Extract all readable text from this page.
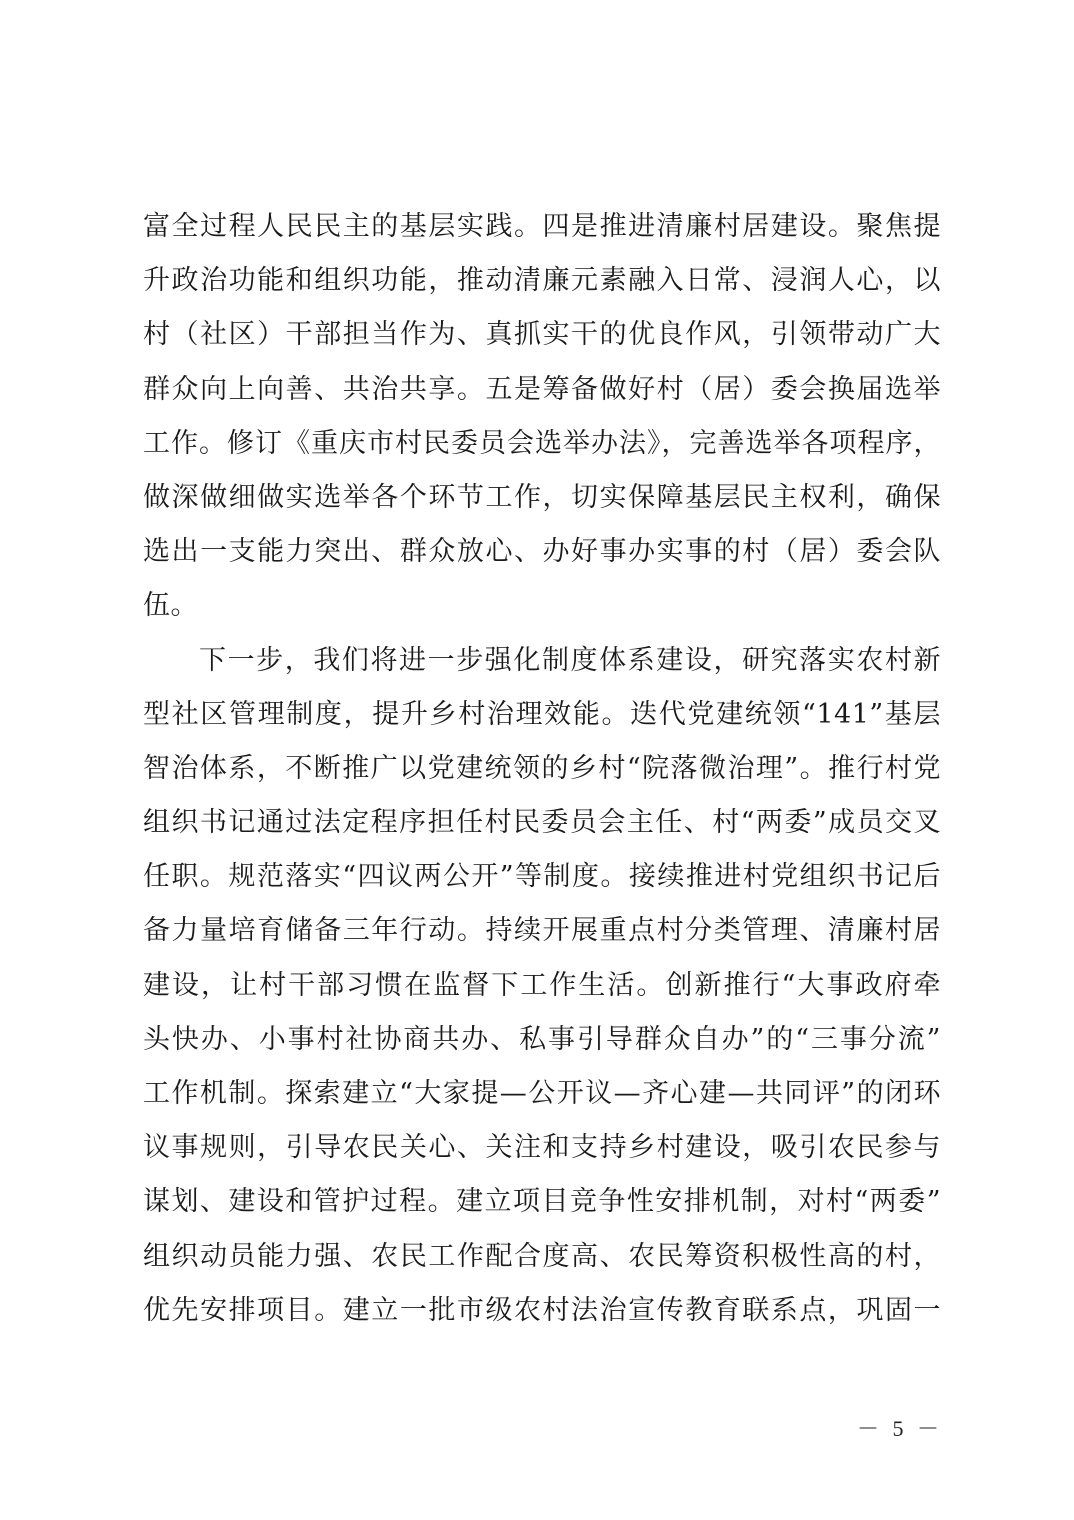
富全过程人民民主的基层实践。四是推进清廉村居建设。聚焦提
升政治功能和组织功能，推动清廉元素融入日常、浸润人心，以
村（社区）干部担当作为、真抓实干的优良作风，引领带动广大
群众向上向善、共治共享。五是筹备做好村（居）委会换届选举
工作。修订《重庆市村民委员会选举办法》，完善选举各项程序，
做深做细做实选举各个环节工作，切实保障基层民主权利，确保
选出一支能力突出、群众放心、办好事办实事的村（居）委会队
伍。
下一步，我们将进一步强化制度体系建设，研究落实农村新
型社区管理制度，提升乡村治理效能。迭代党建统领“141”基层
智治体系，不断推广以党建统领的乡村“院落微治理”。推行村党
组织书记通过法定程序担任村民委员会主任、村“两委”成员交叉
任职。规范落实“四议两公开”等制度。接续推进村党组织书记后
备力量培育储备三年行动。持续开展重点村分类管理、清廉村居
建设，让村干部习惯在监督下工作生活。创新推行“大事政府牵
头快办、小事村社协商共办、私事引导群众自办”的“三事分流”
工作机制。探索建立“大家提—公开议—齐心建—共同评”的闭环
议事规则，引导农民关心、关注和支持乡村建设，吸引农民参与
谋划、建设和管护过程。建立项目竞争性安排机制，对村“两委”
组织动员能力强、农民工作配合度高、农民筹资积极性高的村，
优先安排项目。建立一批市级农村法治宣传教育联系点，巩固一
－ 5 －
